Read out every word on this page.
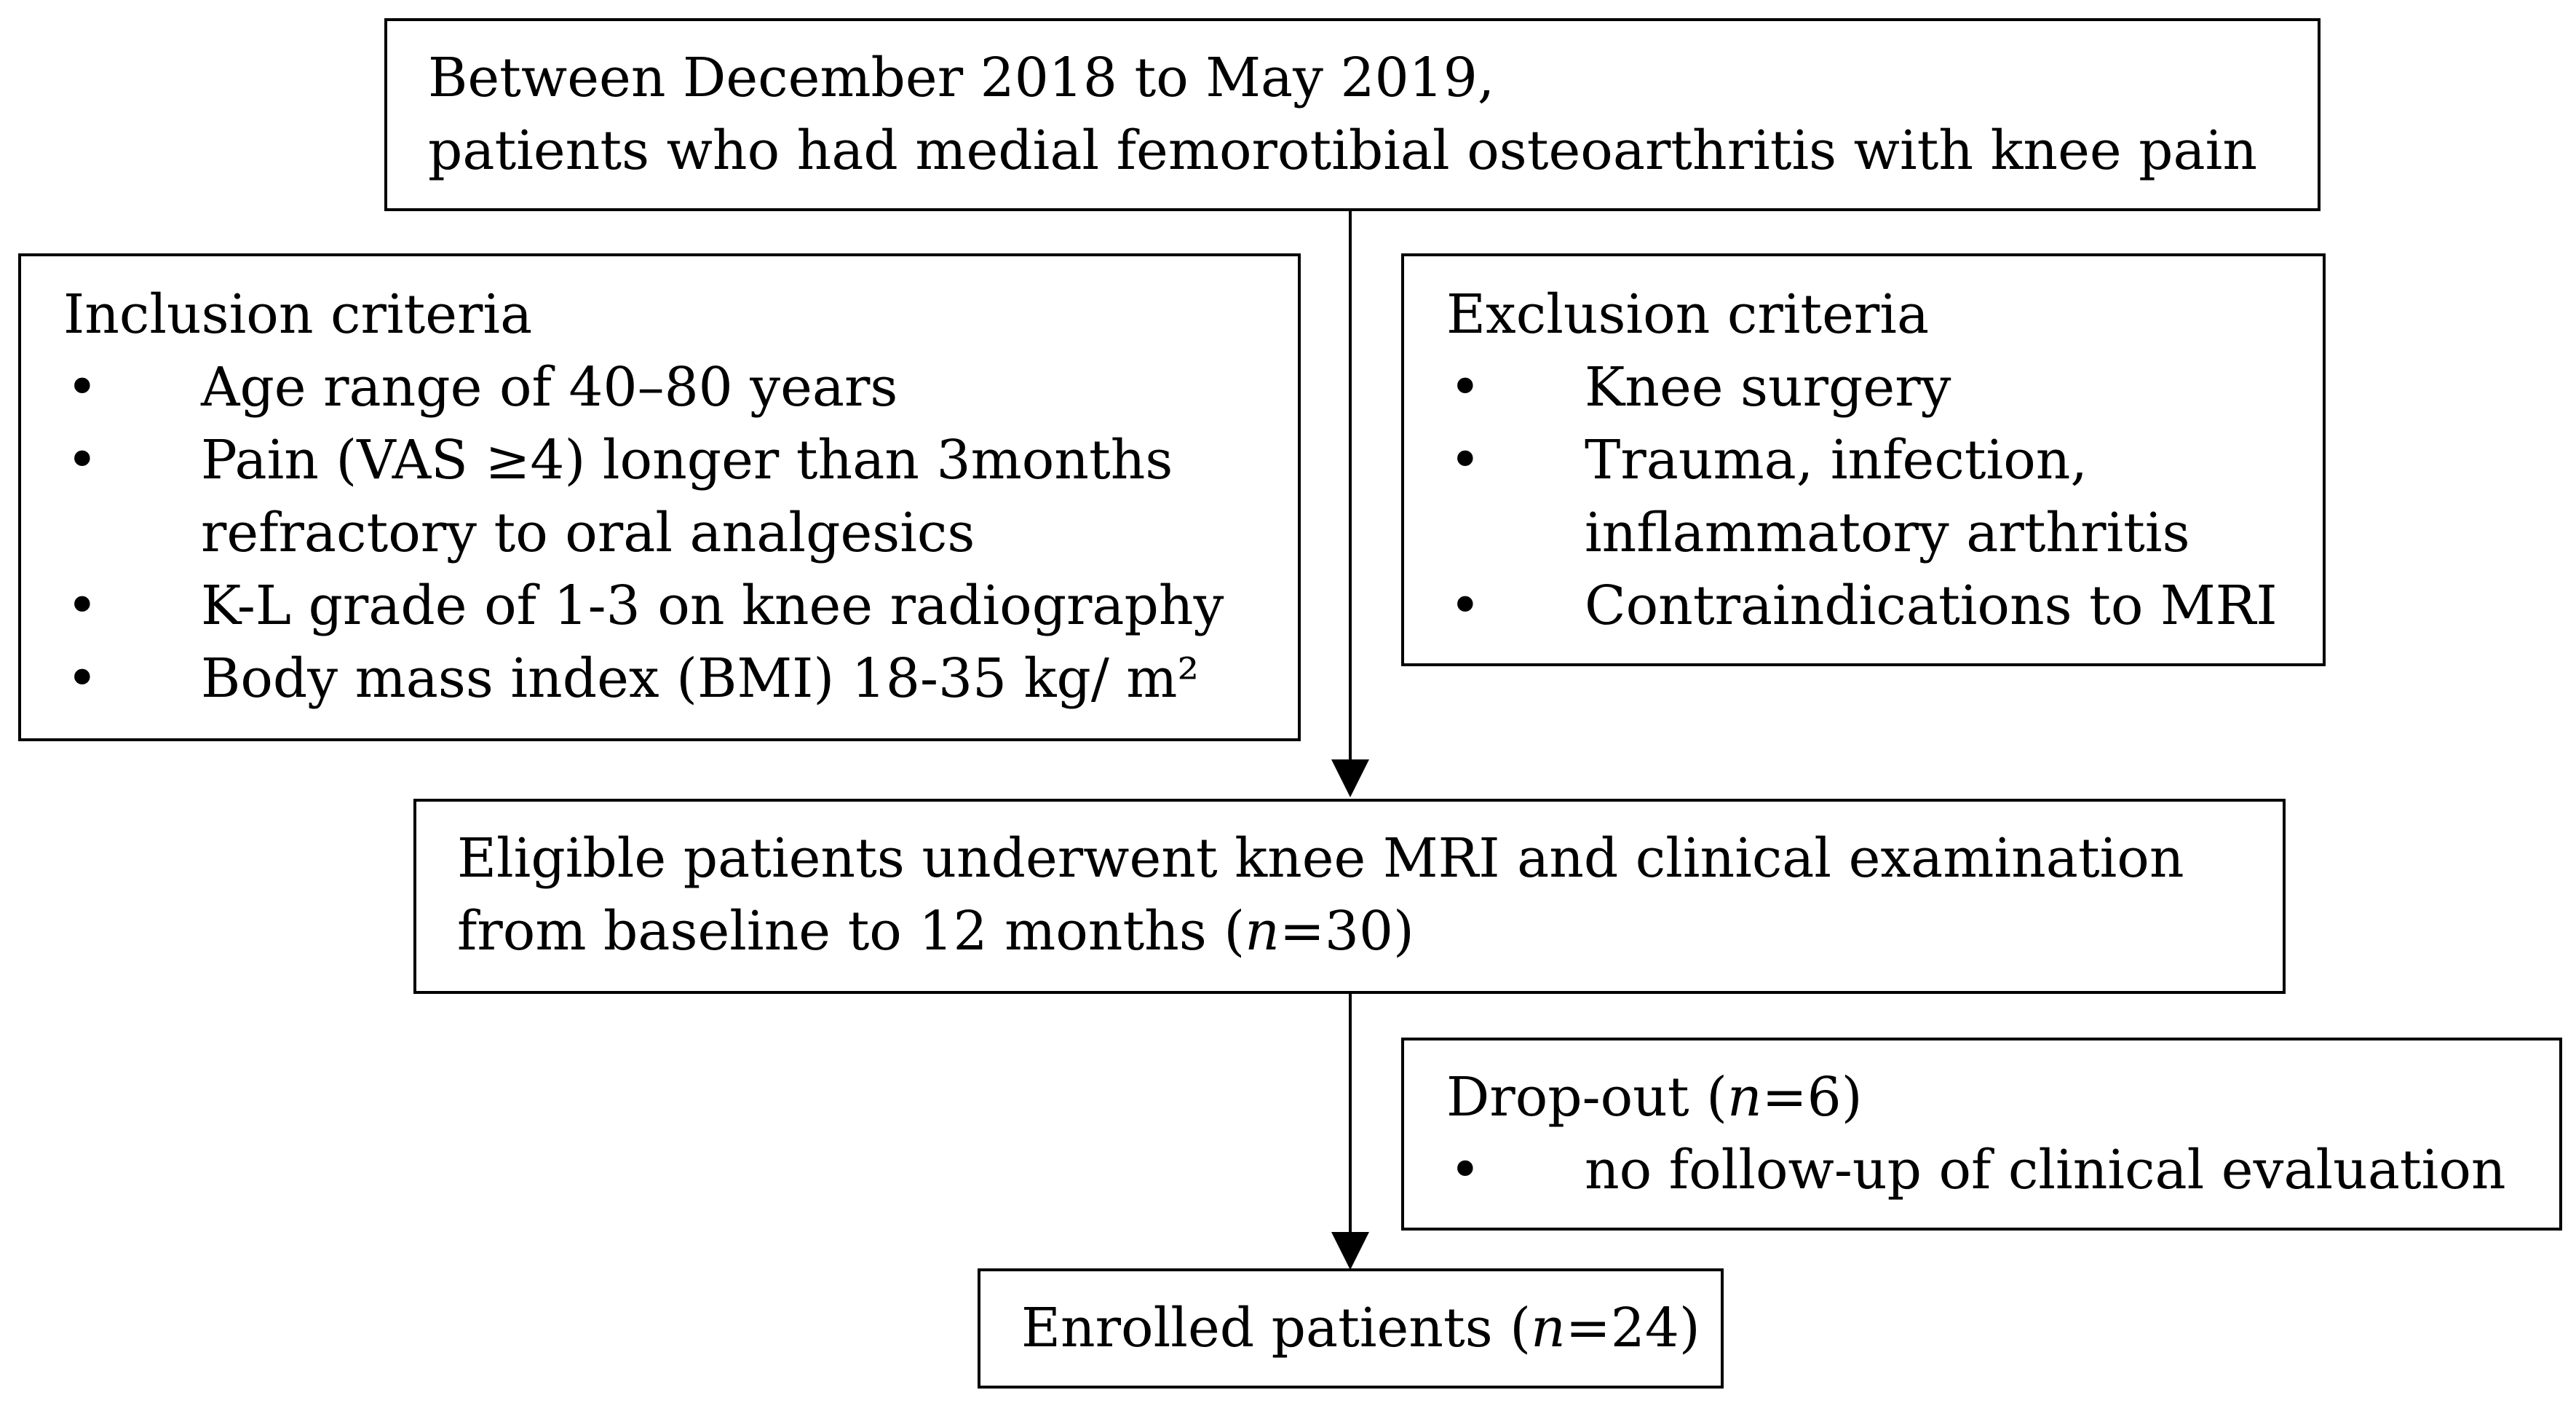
Between December 2018 to May 2019,
patients who had medial femorotibial osteoarthritis with knee pain
Inclusion criteria
• Age range of 40–80 years
• Pain (VAS ≥4) longer than 3months
refractory to oral analgesics
• K-L grade of 1-3 on knee radiography
• Body mass index (BMI) 18-35 kg/ m²
Exclusion criteria
• Knee surgery
• Trauma, infection,
inflammatory arthritis
• Contraindications to MRI
Eligible patients underwent knee MRI and clinical examination
from baseline to 12 months (n=30)
Drop-out (n=6)
• no follow-up of clinical evaluation
Enrolled patients (n=24)
